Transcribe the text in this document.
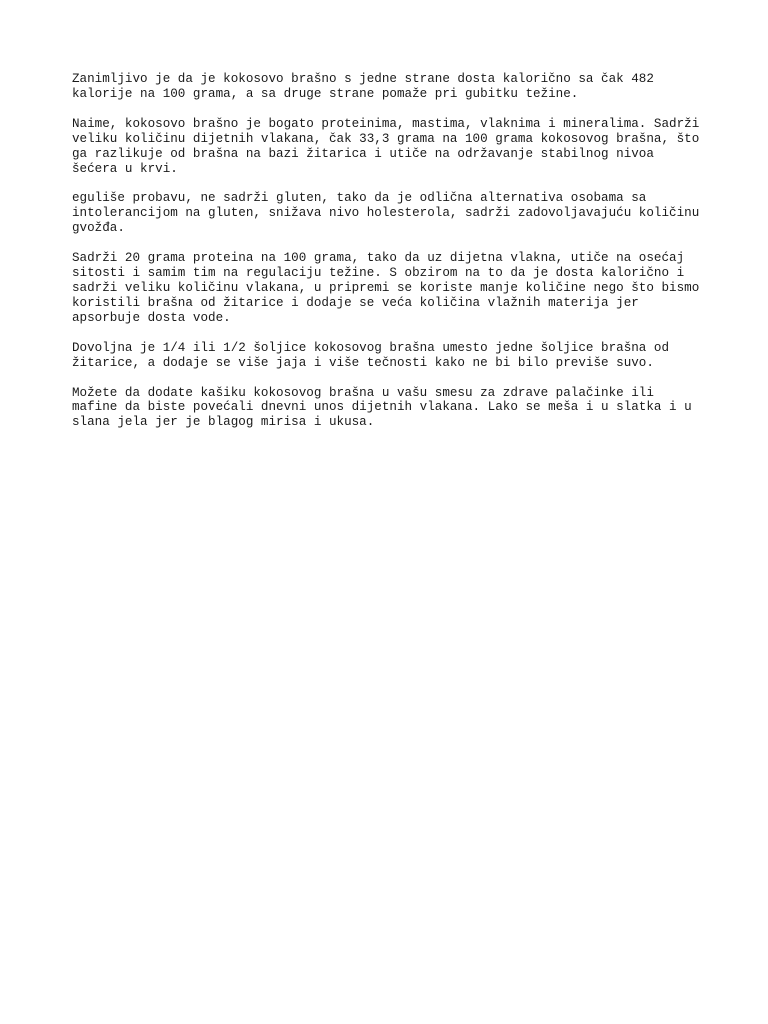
Zanimljivo je da je kokosovo brašno s jedne strane dosta kalorično sa čak 482
kalorije na 100 grama, a sa druge strane pomaže pri gubitku težine.

Naime, kokosovo brašno je bogato proteinima, mastima, vlaknima i mineralima. Sadrži
veliku količinu dijetnih vlakana, čak 33,3 grama na 100 grama kokosovog brašna, što
ga razlikuje od brašna na bazi žitarica i utiče na održavanje stabilnog nivoa
šećera u krvi.

eguliše probavu, ne sadrži gluten, tako da je odlična alternativa osobama sa
intolerancijom na gluten, snižava nivo holesterola, sadrži zadovoljavajuću količinu
gvožđa.

Sadrži 20 grama proteina na 100 grama, tako da uz dijetna vlakna, utiče na osećaj
sitosti i samim tim na regulaciju težine. S obzirom na to da je dosta kalorično i
sadrži veliku količinu vlakana, u pripremi se koriste manje količine nego što bismo
koristili brašna od žitarice i dodaje se veća količina vlažnih materija jer
apsorbuje dosta vode.

Dovoljna je 1/4 ili 1/2 šoljice kokosovog brašna umesto jedne šoljice brašna od
žitarice, a dodaje se više jaja i više tečnosti kako ne bi bilo previše suvo.

Možete da dodate kašiku kokosovog brašna u vašu smesu za zdrave palačinke ili
mafine da biste povećali dnevni unos dijetnih vlakana. Lako se meša i u slatka i u
slana jela jer je blagog mirisa i ukusa.
